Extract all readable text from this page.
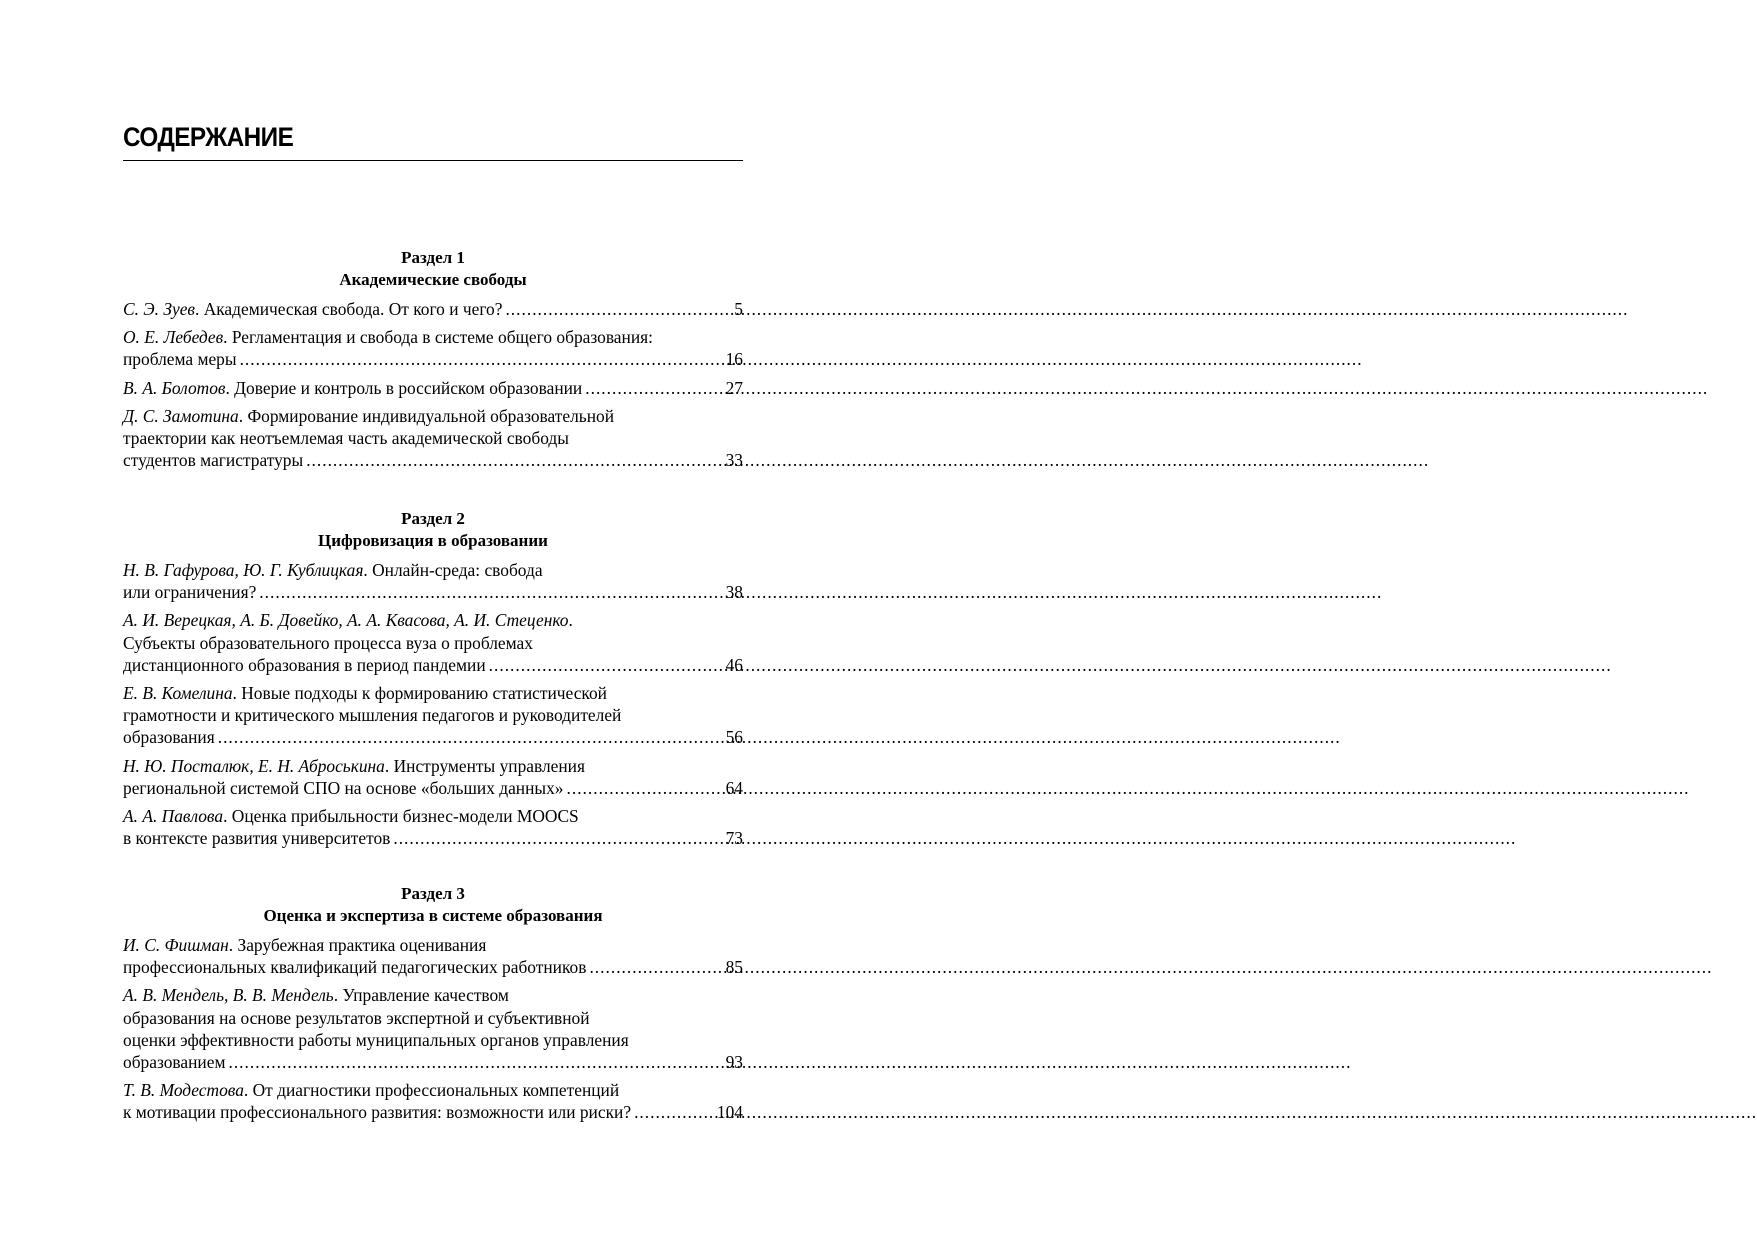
СОДЕРЖАНИЕ
Раздел 1
Академические свободы
С. Э. Зуев. Академическая свобода. От кого и чего? .....	5
О. Е. Лебедев. Регламентация и свобода в системе общего образования:
проблема меры .....	16
В. А. Болотов. Доверие и контроль в российском образовании .....	27
Д. С. Замотина. Формирование индивидуальной образовательной
траектории как неотъемлемая часть академической свободы
студентов магистратуры .....	33
Раздел 2
Цифровизация в образовании
Н. В. Гафурова, Ю. Г. Кублицкая. Онлайн-среда: свобода
или ограничения? .....	38
А. И. Верецкая, А. Б. Довейко, А. А. Квасова, А. И. Стеценко.
Субъекты образовательного процесса вуза о проблемах
дистанционного образования в период пандемии .....	46
Е. В. Комелина. Новые подходы к формированию статистической
грамотности и критического мышления педагогов и руководителей
образования .....	56
Н. Ю. Посталюк, Е. Н. Аброськина. Инструменты управления
региональной системой СПО на основе «больших данных» .....	64
А. А. Павлова. Оценка прибыльности бизнес-модели MOOCS
в контексте развития университетов .....	73
Раздел 3
Оценка и экспертиза в системе образования
И. С. Фишман. Зарубежная практика оценивания
профессиональных квалификаций педагогических работников .....	85
А. В. Мендель, В. В. Мендель. Управление качеством
образования на основе результатов экспертной и субъективной
оценки эффективности работы муниципальных органов управления
образованием .....	93
Т. В. Модестова. От диагностики профессиональных компетенций
к мотивации профессионального развития: возможности или риски? .....	104
